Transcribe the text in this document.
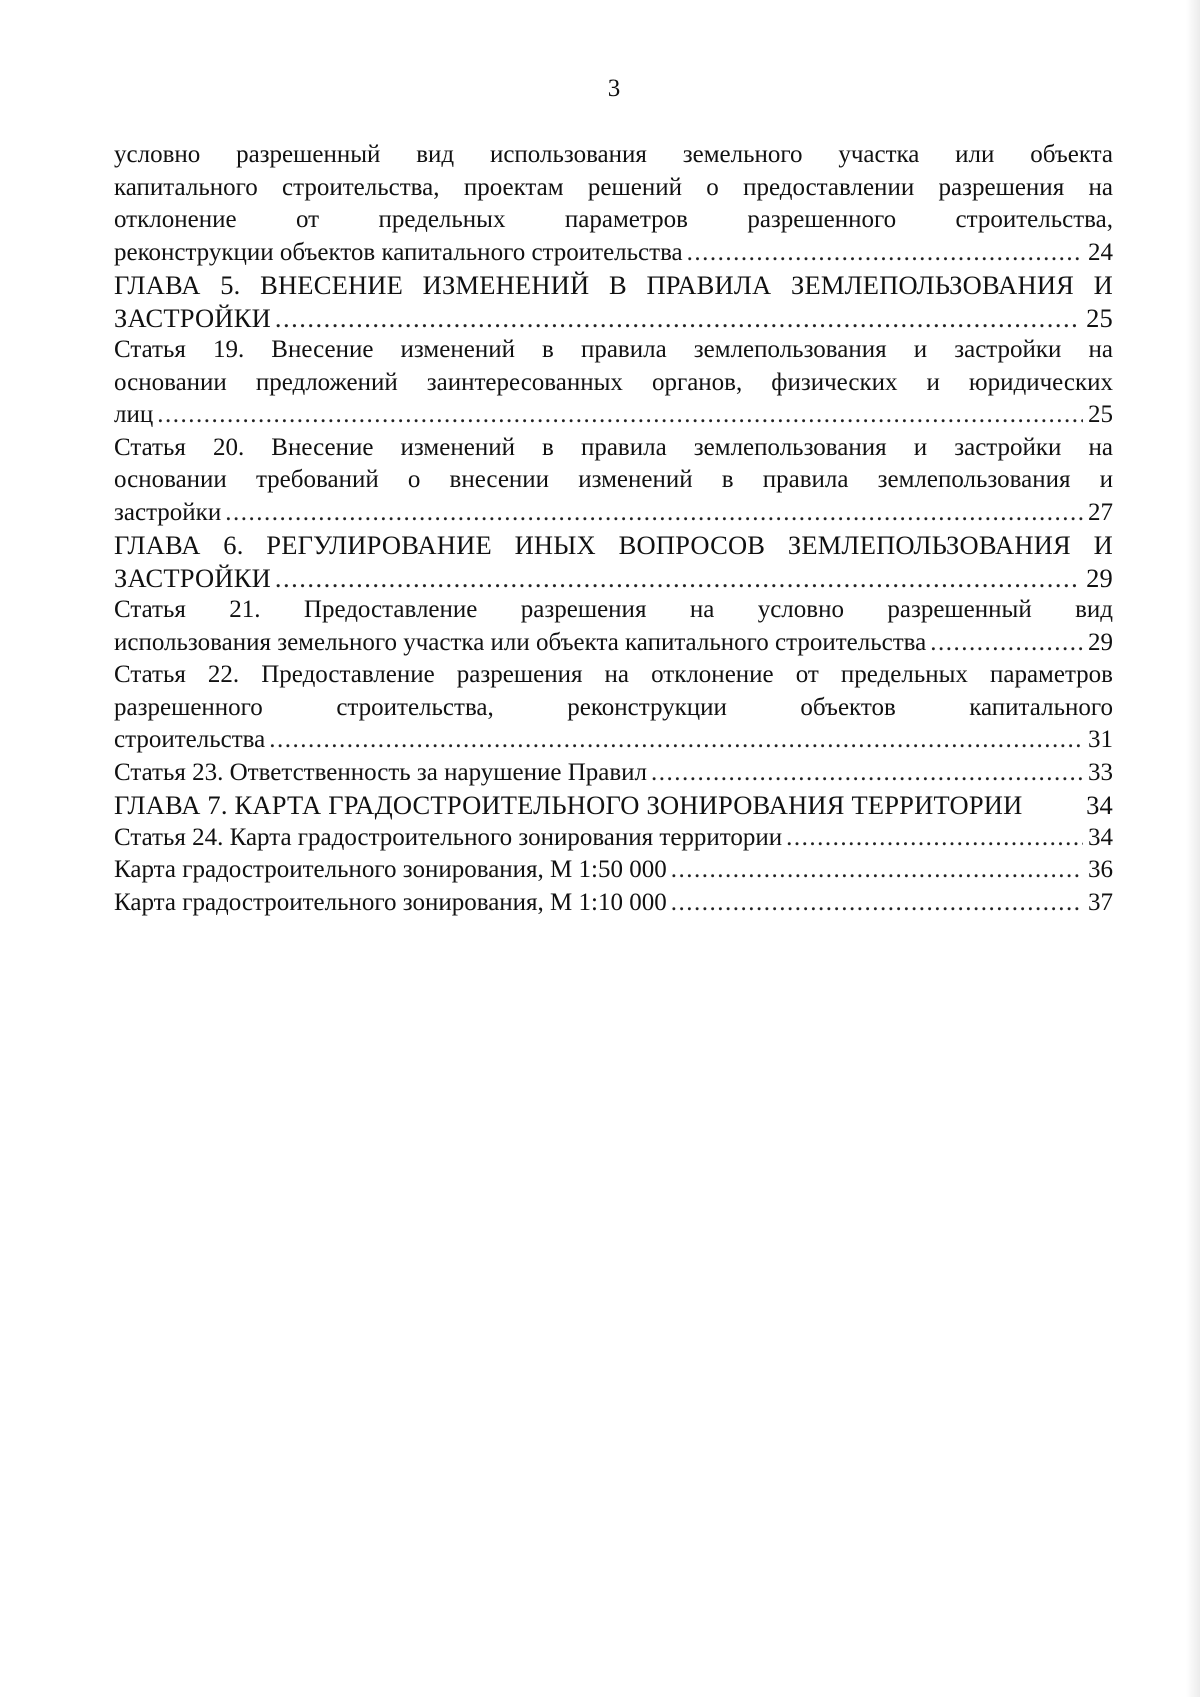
3
условно разрешенный вид использования земельного участка или объекта
капитального строительства, проектам решений о предоставлении разрешения на
отклонение от предельных параметров разрешенного строительства,
реконструкции объектов капитального строительства .....	24
ГЛАВА 5. ВНЕСЕНИЕ ИЗМЕНЕНИЙ В ПРАВИЛА ЗЕМЛЕПОЛЬЗОВАНИЯ И
ЗАСТРОЙКИ .....	25
Статья 19. Внесение изменений в правила землепользования и застройки на
основании предложений заинтересованных органов, физических и юридических
лиц .....	25
Статья 20. Внесение изменений в правила землепользования и застройки на
основании требований о внесении изменений в правила землепользования и
застройки .....	27
ГЛАВА 6. РЕГУЛИРОВАНИЕ ИНЫХ ВОПРОСОВ ЗЕМЛЕПОЛЬЗОВАНИЯ И
ЗАСТРОЙКИ .....	29
Статья 21. Предоставление разрешения на условно разрешенный вид
использования земельного участка или объекта капитального строительства .....	29
Статья 22. Предоставление разрешения на отклонение от предельных параметров
разрешенного строительства, реконструкции объектов капитального
строительства .....	31
Статья 23. Ответственность за нарушение Правил .....	33
ГЛАВА 7. КАРТА ГРАДОСТРОИТЕЛЬНОГО ЗОНИРОВАНИЯ ТЕРРИТОРИИ 34
Статья 24. Карта градостроительного зонирования территории .....	34
Карта градостроительного зонирования, М 1:50 000 .....	36
Карта градостроительного зонирования, М 1:10 000 .....	37
